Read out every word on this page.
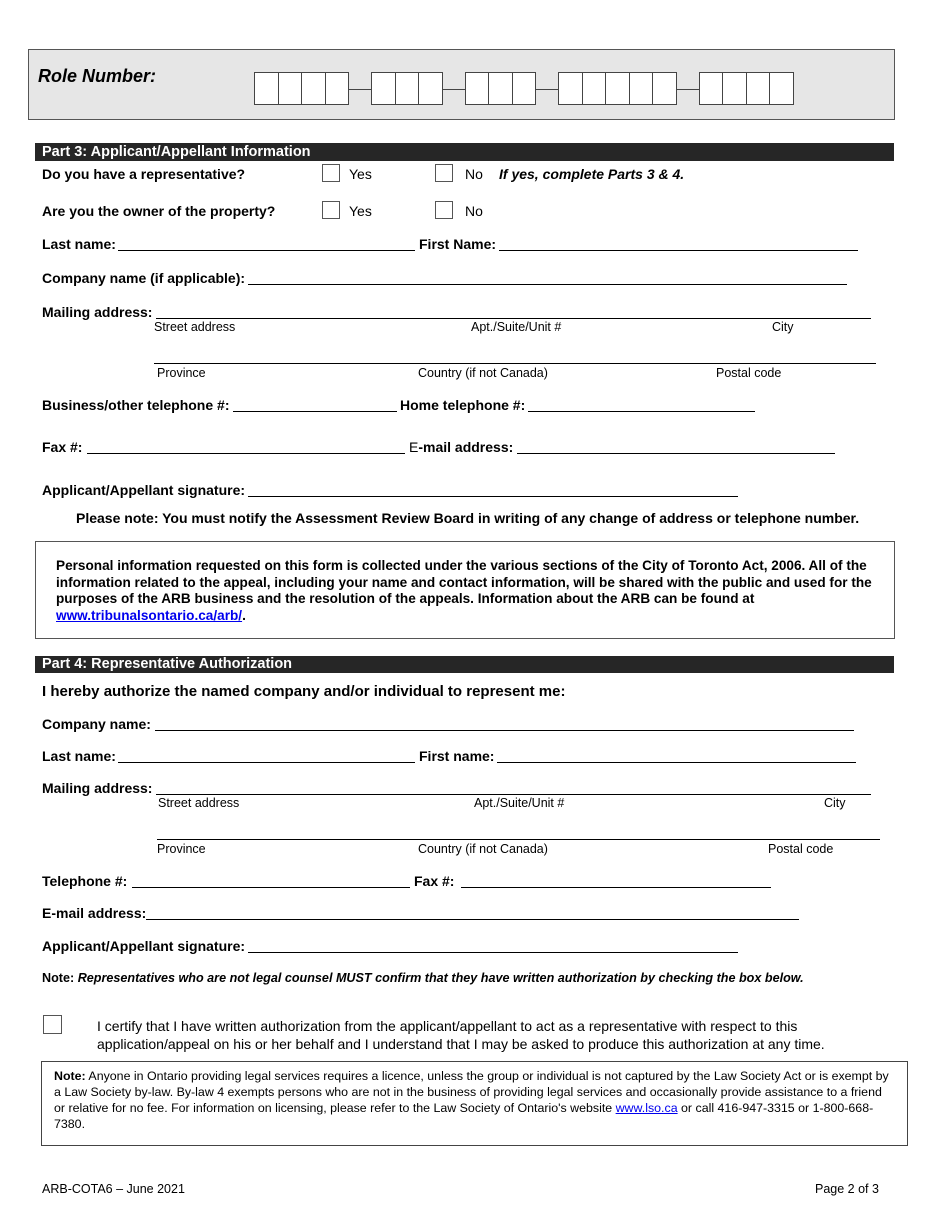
Role Number:
Part 3: Applicant/Appellant Information
Do you have a representative?	Yes	No If yes, complete Parts 3 & 4.
Are you the owner of the property?	Yes	No
Last name:	First Name:
Company name (if applicable):
Mailing address:
Street address	Apt./Suite/Unit #	City
Province	Country (if not Canada)	Postal code
Business/other telephone #:	Home telephone #:
Fax #:	E-mail address:
Applicant/Appellant signature:
Please note: You must notify the Assessment Review Board in writing of any change of address or telephone number.
Personal information requested on this form is collected under the various sections of the City of Toronto Act, 2006. All of the information related to the appeal, including your name and contact information, will be shared with the public and used for the purposes of the ARB business and the resolution of the appeals. Information about the ARB can be found at www.tribunalsontario.ca/arb/.
Part 4: Representative Authorization
I hereby authorize the named company and/or individual to represent me:
Company name:
Last name:	First name:
Mailing address:
Street address	Apt./Suite/Unit #	City
Province	Country (if not Canada)	Postal code
Telephone #:	Fax #:
E-mail address:
Applicant/Appellant signature:
Note: Representatives who are not legal counsel MUST confirm that they have written authorization by checking the box below.
I certify that I have written authorization from the applicant/appellant to act as a representative with respect to this application/appeal on his or her behalf and I understand that I may be asked to produce this authorization at any time.
Note: Anyone in Ontario providing legal services requires a licence, unless the group or individual is not captured by the Law Society Act or is exempt by a Law Society by-law. By-law 4 exempts persons who are not in the business of providing legal services and occasionally provide assistance to a friend or relative for no fee. For information on licensing, please refer to the Law Society of Ontario's website www.lso.ca or call 416-947-3315 or 1-800-668-7380.
ARB-COTA6 – June 2021	Page 2 of 3
